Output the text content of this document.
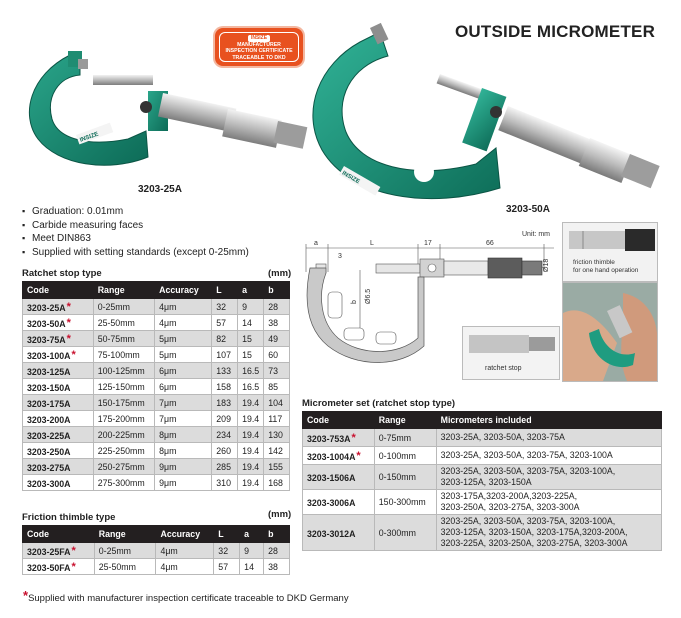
OUTSIDE MICROMETER
INSIZE
MANUFACTURER
INSPECTION CERTIFICATE
TRACEABLE TO DKD
INSIZE
3203-25A
INSIZE
3203-50A
▪ Graduation: 0.01mm
▪ Carbide measuring faces
▪ Meet DIN863
▪ Supplied with setting standards (except 0-25mm)
Unit: mm
a	L	17	66
3
Ø18
b Ø6.5
friction thimble
for one hand operation
ratchet stop
Ratchet stop type	(mm)
Code	Range	Accuracy	L	a	b
3203-25A*	0-25mm	4μm	32	9	28
3203-50A*	25-50mm	4μm	57	14	38
3203-75A*	50-75mm	5μm	82	15	49
3203-100A*	75-100mm	5μm	107	15	60
3203-125A	100-125mm	6μm	133	16.5	73
3203-150A	125-150mm	6μm	158	16.5	85
3203-175A	150-175mm	7μm	183	19.4	104
3203-200A	175-200mm	7μm	209	19.4	117
3203-225A	200-225mm	8μm	234	19.4	130
3203-250A	225-250mm	8μm	260	19.4	142
3203-275A	250-275mm	9μm	285	19.4	155
3203-300A	275-300mm	9μm	310	19.4	168
Friction thimble type	(mm)
Code	Range	Accuracy	L	a	b
3203-25FA*	0-25mm	4μm	32	9	28
3203-50FA*	25-50mm	4μm	57	14	38
Micrometer set (ratchet stop type)
Code	Range	Micrometers included
3203-753A*	0-75mm	3203-25A, 3203-50A, 3203-75A

3203-1004A*	0-100mm	3203-25A, 3203-50A, 3203-75A, 3203-100A

3203-1506A	0-150mm	3203-25A, 3203-50A, 3203-75A, 3203-100A,
3203-125A, 3203-150A

3203-3006A	150-300mm	3203-175A,3203-200A,3203-225A,
3203-250A, 3203-275A, 3203-300A

3203-3012A	0-300mm	3203-25A, 3203-50A, 3203-75A, 3203-100A,
3203-125A, 3203-150A, 3203-175A,3203-200A,
3203-225A, 3203-250A, 3203-275A, 3203-300A
*Supplied with manufacturer inspection certificate traceable to DKD Germany
